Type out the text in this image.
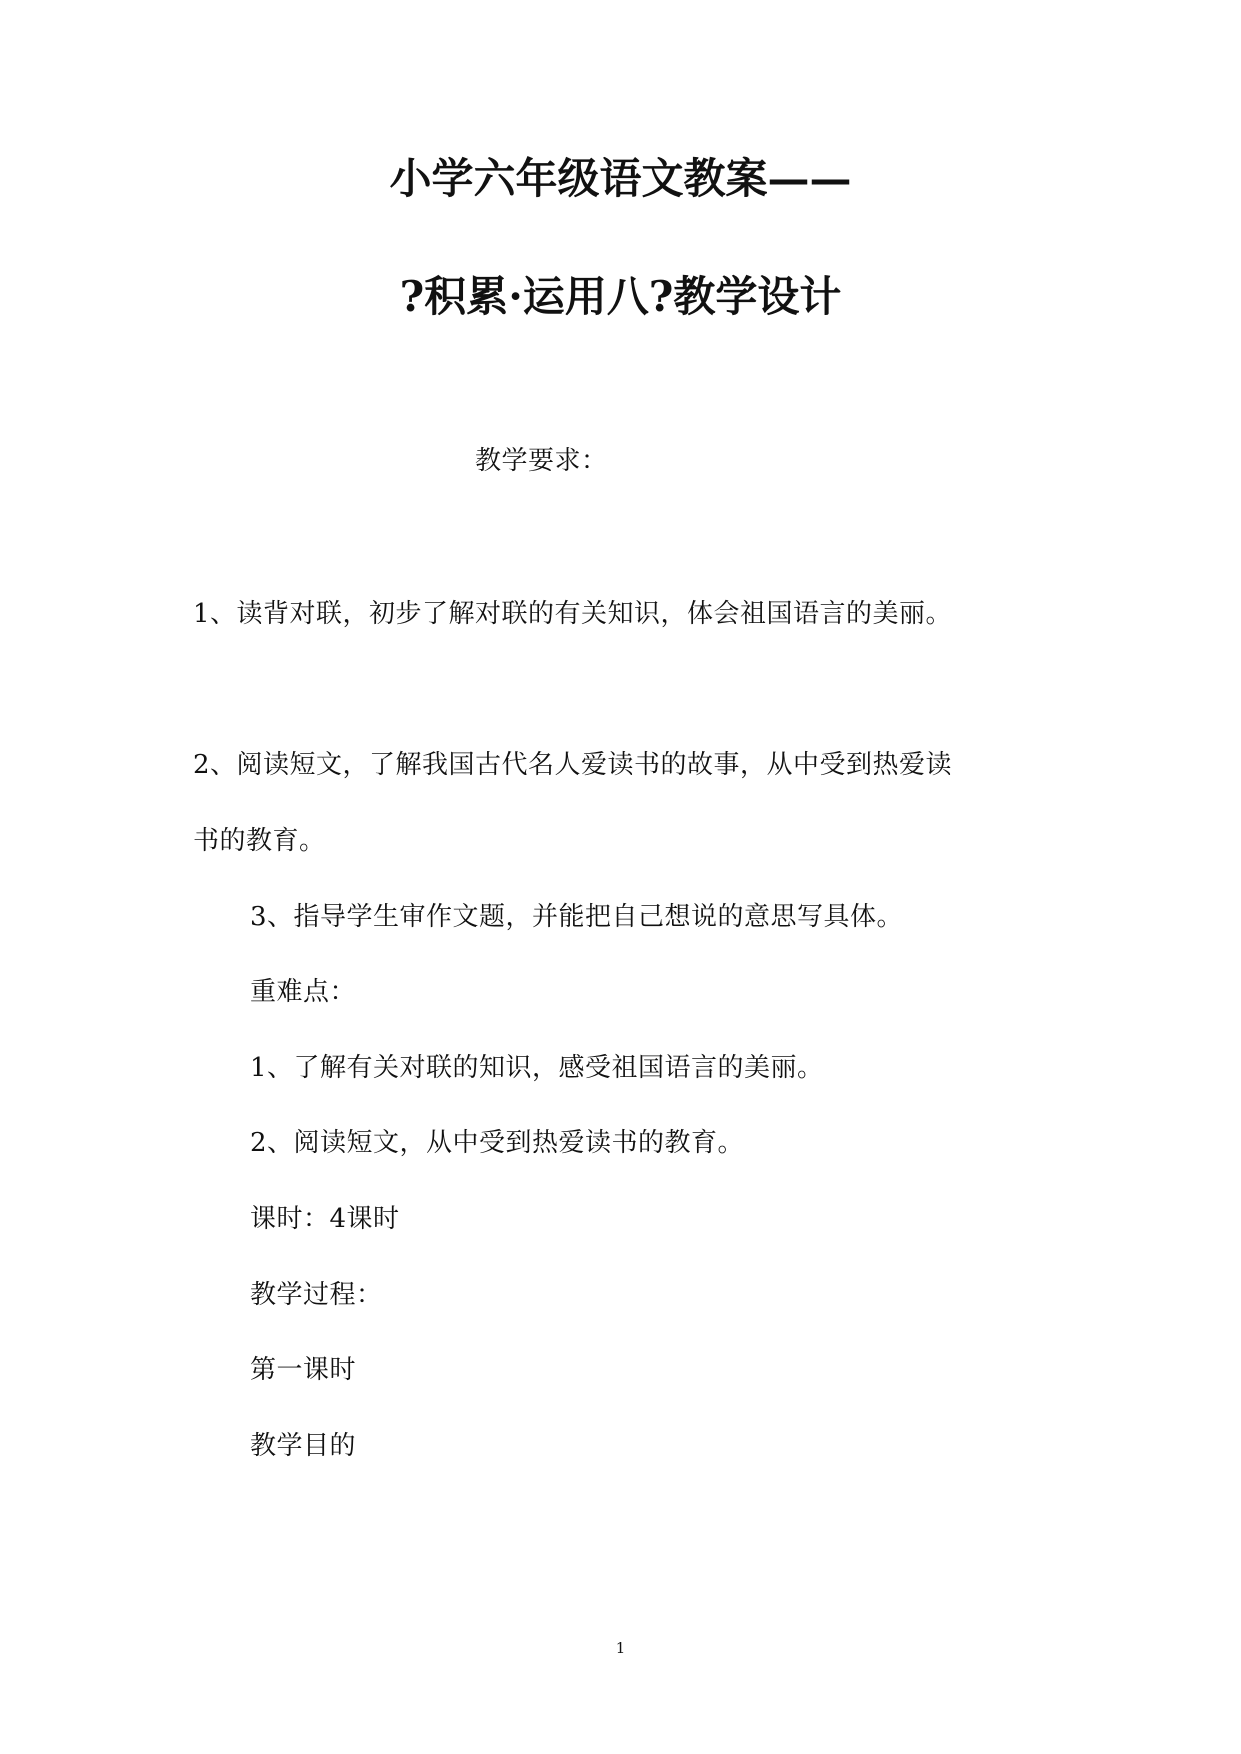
小学六年级语文教案——
?积累·运用八?教学设计
教学要求：
1、读背对联，初步了解对联的有关知识，体会祖国语言的美丽。
2、阅读短文，了解我国古代名人爱读书的故事，从中受到热爱读
书的教育。
3、指导学生审作文题，并能把自己想说的意思写具体。
重难点：
1、了解有关对联的知识，感受祖国语言的美丽。
2、阅读短文，从中受到热爱读书的教育。
课时：4课时
教学过程：
第一课时
教学目的
1
